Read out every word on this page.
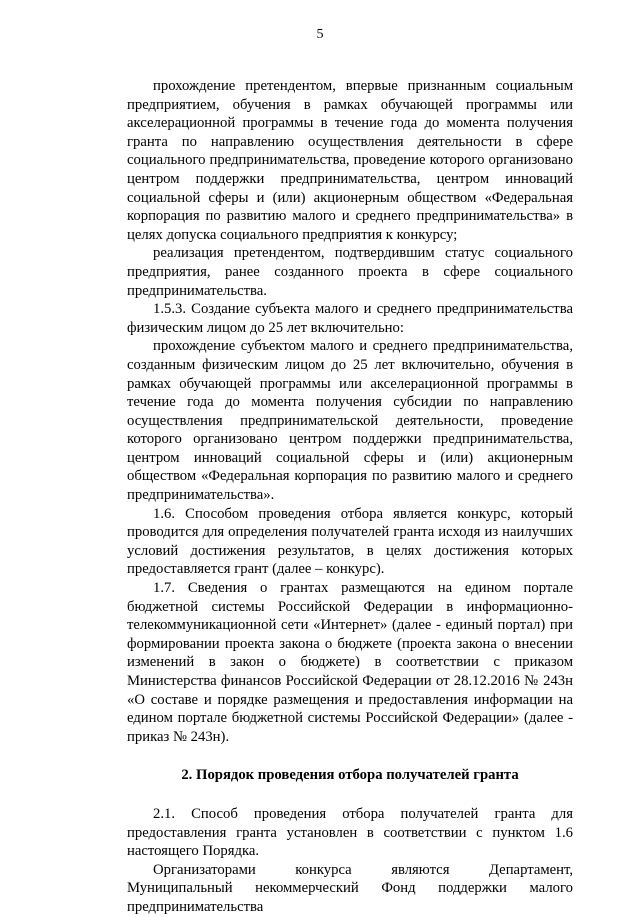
5

прохождение претендентом, впервые признанным социальным предприятием, обучения в рамках обучающей программы или акселерационной программы в течение года до момента получения гранта по направлению осуществления деятельности в сфере социального предпринимательства, проведение которого организовано центром поддержки предпринимательства, центром инноваций социальной сферы и (или) акционерным обществом «Федеральная корпорация по развитию малого и среднего предпринимательства» в целях допуска социального предприятия к конкурсу;

реализация претендентом, подтвердившим статус социального предприятия, ранее созданного проекта в сфере социального предпринимательства.

1.5.3. Создание субъекта малого и среднего предпринимательства физическим лицом до 25 лет включительно:

прохождение субъектом малого и среднего предпринимательства, созданным физическим лицом до 25 лет включительно, обучения в рамках обучающей программы или акселерационной программы в течение года до момента получения субсидии по направлению осуществления предпринимательской деятельности, проведение которого организовано центром поддержки предпринимательства, центром инноваций социальной сферы и (или) акционерным обществом «Федеральная корпорация по развитию малого и среднего предпринимательства».

1.6. Способом проведения отбора является конкурс, который проводится для определения получателей гранта исходя из наилучших условий достижения результатов, в целях достижения которых предоставляется грант (далее – конкурс).

1.7. Сведения о грантах размещаются на едином портале бюджетной системы Российской Федерации в информационно-телекоммуникационной сети «Интернет» (далее - единый портал) при формировании проекта закона о бюджете (проекта закона о внесении изменений в закон о бюджете) в соответствии с приказом Министерства финансов Российской Федерации от 28.12.2016 № 243н «О составе и порядке размещения и предоставления информации на едином портале бюджетной системы Российской Федерации» (далее - приказ № 243н).

2. Порядок проведения отбора получателей гранта

2.1. Способ проведения отбора получателей гранта для предоставления гранта установлен в соответствии с пунктом 1.6 настоящего Порядка.

Организаторами конкурса являются Департамент, Муниципальный некоммерческий Фонд поддержки малого предпринимательства
